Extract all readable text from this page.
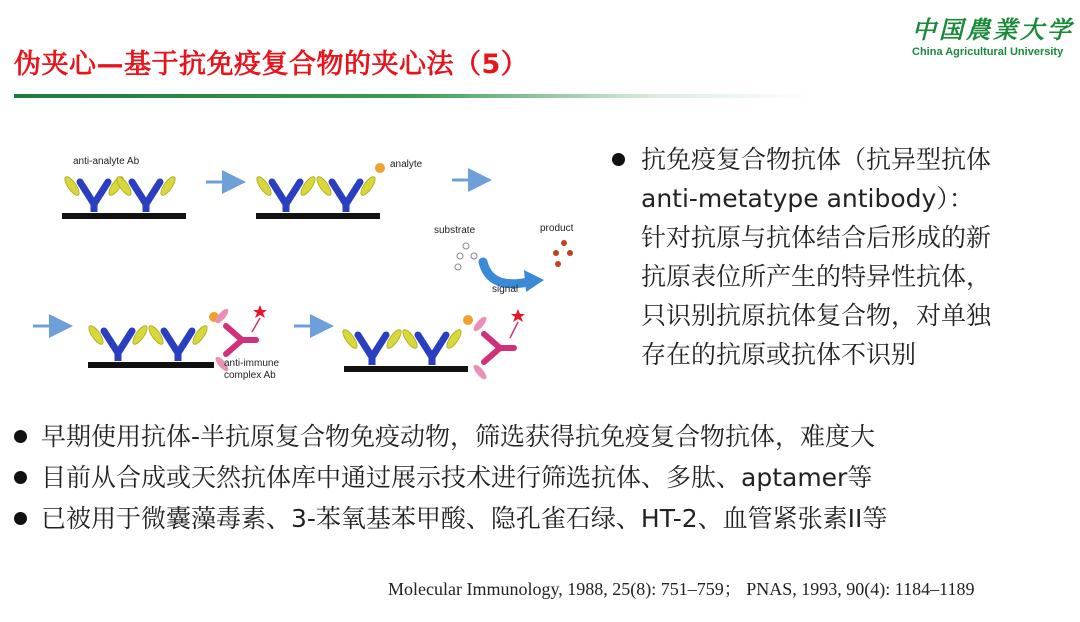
伪夹心—基于抗免疫复合物的夹心法（5）
中国農業大学
China Agricultural University
anti-analyte Ab	analyte
substrate
signal
product
anti-immune
complex Ab
抗免疫复合物抗体（抗异型抗体
anti-metatype antibody）：
针对抗原与抗体结合后形成的新
抗原表位所产生的特异性抗体，
只识别抗原抗体复合物，对单独
存在的抗原或抗体不识别
早期使用抗体-半抗原复合物免疫动物，筛选获得抗免疫复合物抗体，难度大
目前从合成或天然抗体库中通过展示技术进行筛选抗体、多肽、aptamer等
已被用于微囊藻毒素、3-苯氧基苯甲酸、隐孔雀石绿、HT-2、血管紧张素II等
Molecular Immunology, 1988, 25(8): 751–759； PNAS, 1993, 90(4): 1184–1189
